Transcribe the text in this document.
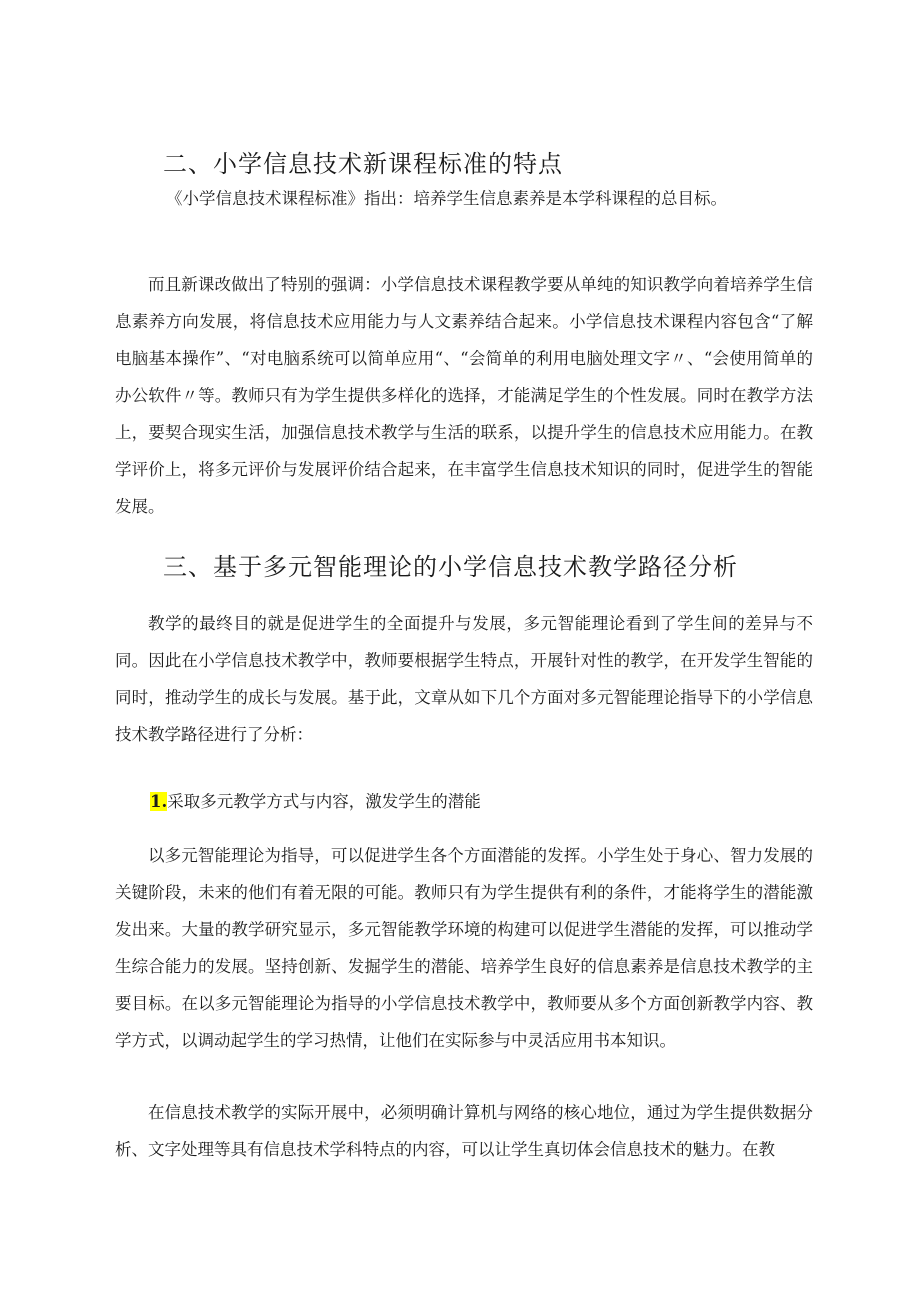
二、小学信息技术新课程标准的特点

《小学信息技术课程标准》指出：培养学生信息素养是本学科课程的总目标。

而且新课改做出了特别的强调：小学信息技术课程教学要从单纯的知识教学向着培养学生信息素养方向发展，将信息技术应用能力与人文素养结合起来。小学信息技术课程内容包含“了解电脑基本操作”、“对电脑系统可以简单应用“、“会简单的利用电脑处理文字〃、“会使用简单的办公软件〃等。教师只有为学生提供多样化的选择，才能满足学生的个性发展。同时在教学方法上，要契合现实生活，加强信息技术教学与生活的联系，以提升学生的信息技术应用能力。在教学评价上，将多元评价与发展评价结合起来，在丰富学生信息技术知识的同时，促进学生的智能发展。

三、基于多元智能理论的小学信息技术教学路径分析

教学的最终目的就是促进学生的全面提升与发展，多元智能理论看到了学生间的差异与不同。因此在小学信息技术教学中，教师要根据学生特点，开展针对性的教学，在开发学生智能的同时，推动学生的成长与发展。基于此，文章从如下几个方面对多元智能理论指导下的小学信息技术教学路径进行了分析：

1.采取多元教学方式与内容，激发学生的潜能

以多元智能理论为指导，可以促进学生各个方面潜能的发挥。小学生处于身心、智力发展的关键阶段，未来的他们有着无限的可能。教师只有为学生提供有利的条件，才能将学生的潜能激发出来。大量的教学研究显示，多元智能教学环境的构建可以促进学生潜能的发挥，可以推动学生综合能力的发展。坚持创新、发掘学生的潜能、培养学生良好的信息素养是信息技术教学的主要目标。在以多元智能理论为指导的小学信息技术教学中，教师要从多个方面创新教学内容、教学方式，以调动起学生的学习热情，让他们在实际参与中灵活应用书本知识。

在信息技术教学的实际开展中，必须明确计算机与网络的核心地位，通过为学生提供数据分析、文字处理等具有信息技术学科特点的内容，可以让学生真切体会信息技术的魅力。在教
